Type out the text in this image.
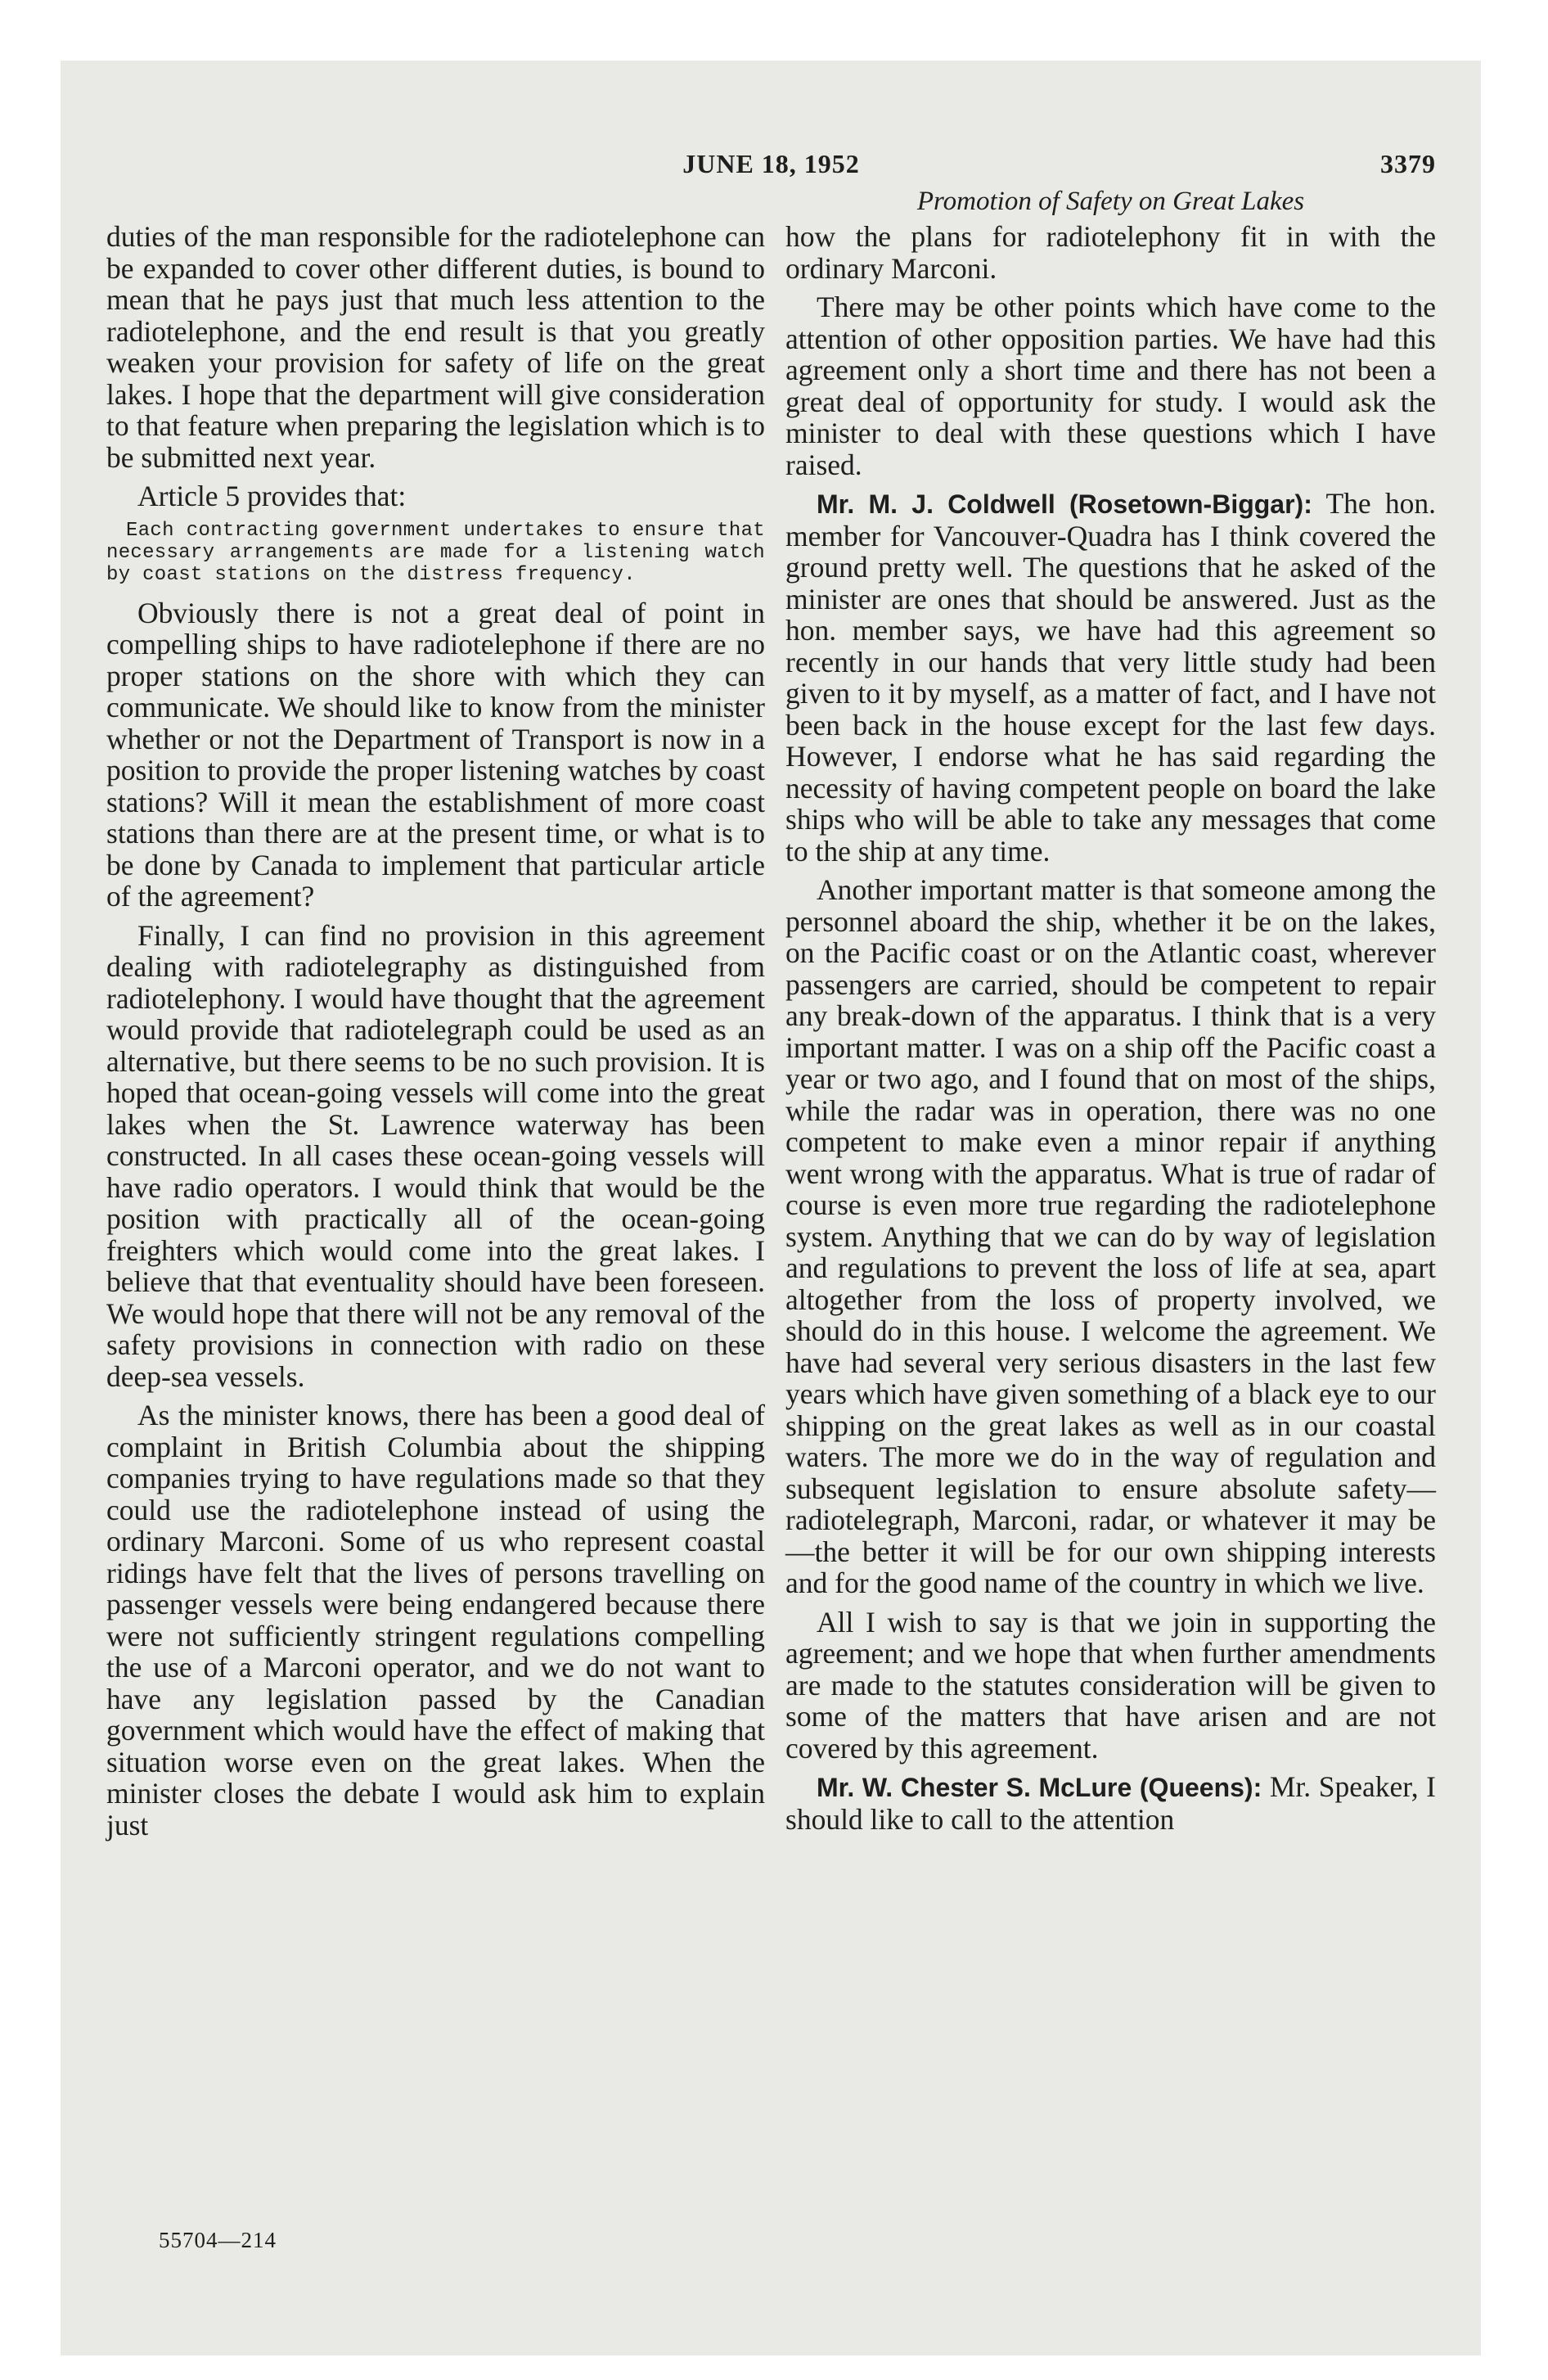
JUNE 18, 1952	3379
Promotion of Safety on Great Lakes

duties of the man responsible for the radiotelephone can be expanded to cover other different duties, is bound to mean that he pays just that much less attention to the radiotelephone, and the end result is that you greatly weaken your provision for safety of life on the great lakes. I hope that the department will give consideration to that feature when preparing the legislation which is to be submitted next year.

Article 5 provides that:

Each contracting government undertakes to ensure that necessary arrangements are made for a listening watch by coast stations on the distress frequency.

Obviously there is not a great deal of point in compelling ships to have radiotelephone if there are no proper stations on the shore with which they can communicate. We should like to know from the minister whether or not the Department of Transport is now in a position to provide the proper listening watches by coast stations? Will it mean the establishment of more coast stations than there are at the present time, or what is to be done by Canada to implement that particular article of the agreement?

Finally, I can find no provision in this agreement dealing with radiotelegraphy as distinguished from radiotelephony. I would have thought that the agreement would provide that radiotelegraph could be used as an alternative, but there seems to be no such provision. It is hoped that ocean-going vessels will come into the great lakes when the St. Lawrence waterway has been constructed. In all cases these ocean-going vessels will have radio operators. I would think that would be the position with practically all of the ocean-going freighters which would come into the great lakes. I believe that that eventuality should have been foreseen. We would hope that there will not be any removal of the safety provisions in connection with radio on these deep-sea vessels.

As the minister knows, there has been a good deal of complaint in British Columbia about the shipping companies trying to have regulations made so that they could use the radiotelephone instead of using the ordinary Marconi. Some of us who represent coastal ridings have felt that the lives of persons travelling on passenger vessels were being endangered because there were not sufficiently stringent regulations compelling the use of a Marconi operator, and we do not want to have any legislation passed by the Canadian government which would have the effect of making that situation worse even on the great lakes. When the minister closes the debate I would ask him to explain just

how the plans for radiotelephony fit in with the ordinary Marconi.

There may be other points which have come to the attention of other opposition parties. We have had this agreement only a short time and there has not been a great deal of opportunity for study. I would ask the minister to deal with these questions which I have raised.

Mr. M. J. Coldwell (Rosetown-Biggar): The hon. member for Vancouver-Quadra has I think covered the ground pretty well. The questions that he asked of the minister are ones that should be answered. Just as the hon. member says, we have had this agreement so recently in our hands that very little study had been given to it by myself, as a matter of fact, and I have not been back in the house except for the last few days. However, I endorse what he has said regarding the necessity of having competent people on board the lake ships who will be able to take any messages that come to the ship at any time.

Another important matter is that someone among the personnel aboard the ship, whether it be on the lakes, on the Pacific coast or on the Atlantic coast, wherever passengers are carried, should be competent to repair any break-down of the apparatus. I think that is a very important matter. I was on a ship off the Pacific coast a year or two ago, and I found that on most of the ships, while the radar was in operation, there was no one competent to make even a minor repair if anything went wrong with the apparatus. What is true of radar of course is even more true regarding the radiotelephone system. Anything that we can do by way of legislation and regulations to prevent the loss of life at sea, apart altogether from the loss of property involved, we should do in this house. I welcome the agreement. We have had several very serious disasters in the last few years which have given something of a black eye to our shipping on the great lakes as well as in our coastal waters. The more we do in the way of regulation and subsequent legislation to ensure absolute safety—radiotelegraph, Marconi, radar, or whatever it may be —the better it will be for our own shipping interests and for the good name of the country in which we live.

All I wish to say is that we join in supporting the agreement; and we hope that when further amendments are made to the statutes consideration will be given to some of the matters that have arisen and are not covered by this agreement.

Mr. W. Chester S. McLure (Queens): Mr. Speaker, I should like to call to the attention

55704—214
